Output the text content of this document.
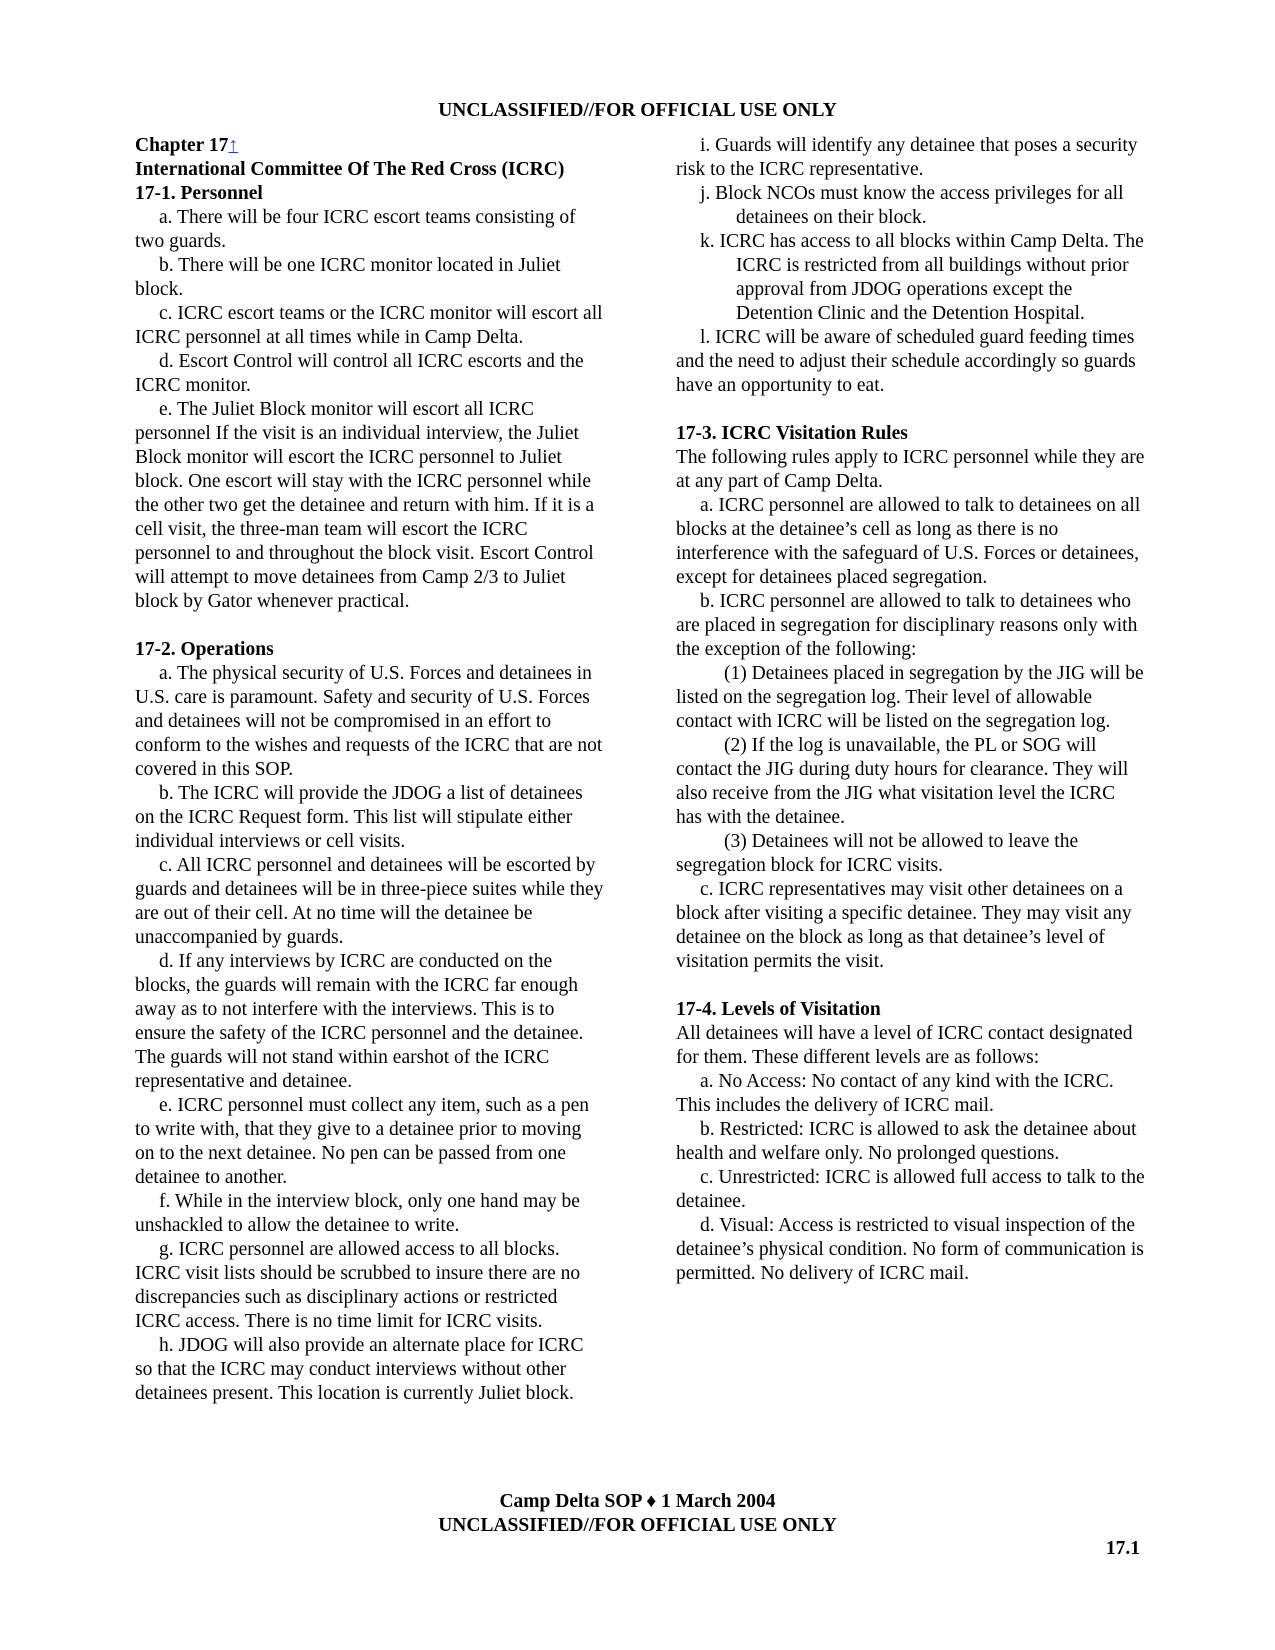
UNCLASSIFIED//FOR OFFICIAL USE ONLY
Chapter 17↑
International Committee Of The Red Cross (ICRC)
17-1. Personnel

a. There will be four ICRC escort teams consisting of two guards.

b. There will be one ICRC monitor located in Juliet block.

c. ICRC escort teams or the ICRC monitor will escort all ICRC personnel at all times while in Camp Delta.

d. Escort Control will control all ICRC escorts and the ICRC monitor.

e. The Juliet Block monitor will escort all ICRC personnel If the visit is an individual interview, the Juliet Block monitor will escort the ICRC personnel to Juliet block. One escort will stay with the ICRC personnel while the other two get the detainee and return with him. If it is a cell visit, the three-man team will escort the ICRC personnel to and throughout the block visit. Escort Control will attempt to move detainees from Camp 2/3 to Juliet block by Gator whenever practical.

17-2. Operations

a. The physical security of U.S. Forces and detainees in U.S. care is paramount. Safety and security of U.S. Forces and detainees will not be compromised in an effort to conform to the wishes and requests of the ICRC that are not covered in this SOP.

b. The ICRC will provide the JDOG a list of detainees on the ICRC Request form. This list will stipulate either individual interviews or cell visits.

c. All ICRC personnel and detainees will be escorted by guards and detainees will be in three-piece suites while they are out of their cell. At no time will the detainee be unaccompanied by guards.

d. If any interviews by ICRC are conducted on the blocks, the guards will remain with the ICRC far enough away as to not interfere with the interviews. This is to ensure the safety of the ICRC personnel and the detainee. The guards will not stand within earshot of the ICRC representative and detainee.

e. ICRC personnel must collect any item, such as a pen to write with, that they give to a detainee prior to moving on to the next detainee. No pen can be passed from one detainee to another.

f. While in the interview block, only one hand may be unshackled to allow the detainee to write.

g. ICRC personnel are allowed access to all blocks. ICRC visit lists should be scrubbed to insure there are no discrepancies such as disciplinary actions or restricted ICRC access. There is no time limit for ICRC visits.

h. JDOG will also provide an alternate place for ICRC so that the ICRC may conduct interviews without other detainees present. This location is currently Juliet block.

i. Guards will identify any detainee that poses a security risk to the ICRC representative.

j. Block NCOs must know the access privileges for all detainees on their block.

k. ICRC has access to all blocks within Camp Delta. The ICRC is restricted from all buildings without prior approval from JDOG operations except the Detention Clinic and the Detention Hospital.

l. ICRC will be aware of scheduled guard feeding times and the need to adjust their schedule accordingly so guards have an opportunity to eat.

17-3. ICRC Visitation Rules

The following rules apply to ICRC personnel while they are at any part of Camp Delta.

a. ICRC personnel are allowed to talk to detainees on all blocks at the detainee’s cell as long as there is no interference with the safeguard of U.S. Forces or detainees, except for detainees placed segregation.

b. ICRC personnel are allowed to talk to detainees who are placed in segregation for disciplinary reasons only with the exception of the following:

(1) Detainees placed in segregation by the JIG will be listed on the segregation log. Their level of allowable contact with ICRC will be listed on the segregation log.

(2) If the log is unavailable, the PL or SOG will contact the JIG during duty hours for clearance. They will also receive from the JIG what visitation level the ICRC has with the detainee.

(3) Detainees will not be allowed to leave the segregation block for ICRC visits.

c. ICRC representatives may visit other detainees on a block after visiting a specific detainee. They may visit any detainee on the block as long as that detainee’s level of visitation permits the visit.

17-4. Levels of Visitation

All detainees will have a level of ICRC contact designated for them. These different levels are as follows:

a. No Access: No contact of any kind with the ICRC. This includes the delivery of ICRC mail.

b. Restricted: ICRC is allowed to ask the detainee about health and welfare only. No prolonged questions.

c. Unrestricted: ICRC is allowed full access to talk to the detainee.

d. Visual: Access is restricted to visual inspection of the detainee’s physical condition. No form of communication is permitted. No delivery of ICRC mail.

Camp Delta SOP ♦ 1 March 2004
UNCLASSIFIED//FOR OFFICIAL USE ONLY
17.1
